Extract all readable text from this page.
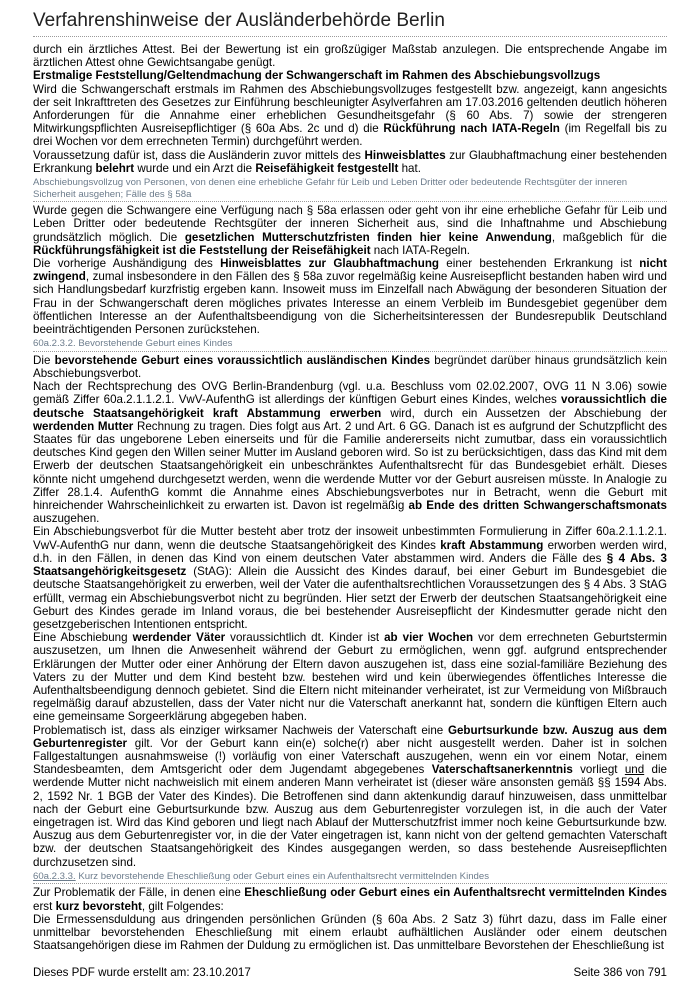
Verfahrenshinweise der Ausländerbehörde Berlin

durch ein ärztliches Attest. Bei der Bewertung ist ein großzügiger Maßstab anzulegen. Die entsprechende Angabe im ärztlichen Attest ohne Gewichtsangabe genügt.

Erstmalige Feststellung/Geltendmachung der Schwangerschaft im Rahmen des Abschiebungsvollzugs

Wird die Schwangerschaft erstmals im Rahmen des Abschiebungsvollzuges festgestellt bzw. angezeigt, kann angesichts der seit Inkrafttreten des Gesetzes zur Einführung beschleunigter Asylverfahren am 17.03.2016 geltenden deutlich höheren Anforderungen für die Annahme einer erheblichen Gesundheitsgefahr (§ 60 Abs. 7) sowie der strengeren Mitwirkungspflichten Ausreisepflichtiger (§ 60a Abs. 2c und d) die Rückführung nach IATA-Regeln (im Regelfall bis zu drei Wochen vor dem errechneten Termin) durchgeführt werden.

Voraussetzung dafür ist, dass die Ausländerin zuvor mittels des Hinweisblattes zur Glaubhaftmachung einer bestehenden Erkrankung belehrt wurde und ein Arzt die Reisefähigkeit festgestellt hat.

Abschiebungsvollzug von Personen, von denen eine erhebliche Gefahr für Leib und Leben Dritter oder bedeutende Rechtsgüter der inneren Sicherheit ausgehen; Fälle des § 58a

Wurde gegen die Schwangere eine Verfügung nach § 58a erlassen oder geht von ihr eine erhebliche Gefahr für Leib und Leben Dritter oder bedeutende Rechtsgüter der inneren Sicherheit aus, sind die Inhaftnahme und Abschiebung grundsätzlich möglich. Die gesetzlichen Mutterschutzfristen finden hier keine Anwendung, maßgeblich für die Rückführungsfähigkeit ist die Feststellung der Reisefähigkeit nach IATA-Regeln.

Die vorherige Aushändigung des Hinweisblattes zur Glaubhaftmachung einer bestehenden Erkrankung ist nicht zwingend, zumal insbesondere in den Fällen des § 58a zuvor regelmäßig keine Ausreisepflicht bestanden haben wird und sich Handlungsbedarf kurzfristig ergeben kann. Insoweit muss im Einzelfall nach Abwägung der besonderen Situation der Frau in der Schwangerschaft deren mögliches privates Interesse an einem Verbleib im Bundesgebiet gegenüber dem öffentlichen Interesse an der Aufenthaltsbeendigung von die Sicherheitsinteressen der Bundesrepublik Deutschland beeinträchtigenden Personen zurückstehen.

60a.2.3.2. Bevorstehende Geburt eines Kindes

Die bevorstehende Geburt eines voraussichtlich ausländischen Kindes begründet darüber hinaus grundsätzlich kein Abschiebungsverbot.

Nach der Rechtsprechung des OVG Berlin-Brandenburg (vgl. u.a. Beschluss vom 02.02.2007, OVG 11 N 3.06) sowie gemäß Ziffer 60a.2.1.1.2.1. VwV-AufenthG ist allerdings der künftigen Geburt eines Kindes, welches voraussichtlich die deutsche Staatsangehörigkeit kraft Abstammung erwerben wird, durch ein Aussetzen der Abschiebung der werdenden Mutter Rechnung zu tragen. Dies folgt aus Art. 2 und Art. 6 GG. Danach ist es aufgrund der Schutzpflicht des Staates für das ungeborene Leben einerseits und für die Familie andererseits nicht zumutbar, dass ein voraussichtlich deutsches Kind gegen den Willen seiner Mutter im Ausland geboren wird. So ist zu berücksichtigen, dass das Kind mit dem Erwerb der deutschen Staatsangehörigkeit ein unbeschränktes Aufenthaltsrecht für das Bundesgebiet erhält. Dieses könnte nicht umgehend durchgesetzt werden, wenn die werdende Mutter vor der Geburt ausreisen müsste. In Analogie zu Ziffer 28.1.4. AufenthG kommt die Annahme eines Abschiebungsverbotes nur in Betracht, wenn die Geburt mit hinreichender Wahrscheinlichkeit zu erwarten ist. Davon ist regelmäßig ab Ende des dritten Schwangerschaftsmonats auszugehen.

Ein Abschiebungsverbot für die Mutter besteht aber trotz der insoweit unbestimmten Formulierung in Ziffer 60a.2.1.1.2.1. VwV-AufenthG nur dann, wenn die deutsche Staatsangehörigkeit des Kindes kraft Abstammung erworben werden wird, d.h. in den Fällen, in denen das Kind von einem deutschen Vater abstammen wird. Anders die Fälle des § 4 Abs. 3 Staatsangehörigkeitsgesetz (StAG): Allein die Aussicht des Kindes darauf, bei einer Geburt im Bundesgebiet die deutsche Staatsangehörigkeit zu erwerben, weil der Vater die aufenthaltsrechtlichen Voraussetzungen des § 4 Abs. 3 StAG erfüllt, vermag ein Abschiebungsverbot nicht zu begründen. Hier setzt der Erwerb der deutschen Staatsangehörigkeit eine Geburt des Kindes gerade im Inland voraus, die bei bestehender Ausreisepflicht der Kindesmutter gerade nicht den gesetzgeberischen Intentionen entspricht.

Eine Abschiebung werdender Väter voraussichtlich dt. Kinder ist ab vier Wochen vor dem errechneten Geburtstermin auszusetzen, um Ihnen die Anwesenheit während der Geburt zu ermöglichen, wenn ggf. aufgrund entsprechender Erklärungen der Mutter oder einer Anhörung der Eltern davon auszugehen ist, dass eine sozial-familiäre Beziehung des Vaters zu der Mutter und dem Kind besteht bzw. bestehen wird und kein überwiegendes öffentliches Interesse die Aufenthaltsbeendigung dennoch gebietet. Sind die Eltern nicht miteinander verheiratet, ist zur Vermeidung von Mißbrauch regelmäßig darauf abzustellen, dass der Vater nicht nur die Vaterschaft anerkannt hat, sondern die künftigen Eltern auch eine gemeinsame Sorgeerklärung abgegeben haben.

Problematisch ist, dass als einziger wirksamer Nachweis der Vaterschaft eine Geburtsurkunde bzw. Auszug aus dem Geburtenregister gilt. Vor der Geburt kann ein(e) solche(r) aber nicht ausgestellt werden. Daher ist in solchen Fallgestaltungen ausnahmsweise (!) vorläufig von einer Vaterschaft auszugehen, wenn ein vor einem Notar, einem Standesbeamten, dem Amtsgericht oder dem Jugendamt abgegebenes Vaterschaftsanerkenntnis vorliegt und die werdende Mutter nicht nachweislich mit einem anderen Mann verheiratet ist (dieser wäre ansonsten gemäß §§ 1594 Abs. 2, 1592 Nr. 1 BGB der Vater des Kindes). Die Betroffenen sind dann aktenkundig darauf hinzuweisen, dass unmittelbar nach der Geburt eine Geburtsurkunde bzw. Auszug aus dem Geburtenregister vorzulegen ist, in die auch der Vater eingetragen ist. Wird das Kind geboren und liegt nach Ablauf der Mutterschutzfrist immer noch keine Geburtsurkunde bzw. Auszug aus dem Geburtenregister vor, in die der Vater eingetragen ist, kann nicht von der geltend gemachten Vaterschaft bzw. der deutschen Staatsangehörigkeit des Kindes ausgegangen werden, so dass bestehende Ausreisepflichten durchzusetzen sind.

60a.2.3.3. Kurz bevorstehende Eheschließung oder Geburt eines ein Aufenthaltsrecht vermittelnden Kindes

Zur Problematik der Fälle, in denen eine Eheschließung oder Geburt eines ein Aufenthaltsrecht vermittelnden Kindes erst kurz bevorsteht, gilt Folgendes:

Die Ermessensduldung aus dringenden persönlichen Gründen (§ 60a Abs. 2 Satz 3) führt dazu, dass im Falle einer unmittelbar bevorstehenden Eheschließung mit einem erlaubt aufhältlichen Ausländer oder einem deutschen Staatsangehörigen diese im Rahmen der Duldung zu ermöglichen ist. Das unmittelbare Bevorstehen der Eheschließung ist

Dieses PDF wurde erstellt am: 23.10.2017	Seite 386 von 791
